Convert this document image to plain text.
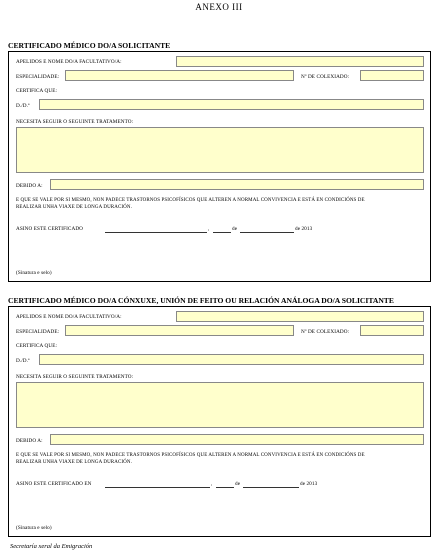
ANEXO III
CERTIFICADO MÉDICO DO/A SOLICITANTE
APELIDOS E NOME DO/A FACULTATIVO/A:
ESPECIALIDADE:	Nº DE COLEXIADO:
CERTIFICA QUE:
D./D.ª
NECESITA SEGUIR O SEGUINTE TRATAMENTO:
DEBIDO A:
E QUE SE VALE POR SI MESMO, NON PADECE TRASTORNOS PSICOFÍSICOS QUE ALTEREN A NORMAL CONVIVENCIA E ESTÁ EN CONDICIÓNS DE
REALIZAR UNHA VIAXE DE LONGA DURACIÓN.
ASINO ESTE CERTIFICADO	,	de	de 2013
(Sinatura e selo)
CERTIFICADO MÉDICO DO/A CÓNXUXE, UNIÓN DE FEITO OU RELACIÓN ANÁLOGA DO/A SOLICITANTE
APELIDOS E NOME DO/A FACULTATIVO/A:
ESPECIALIDADE:	Nº DE COLEXIADO:
CERTIFICA QUE:
D./D.ª
NECESITA SEGUIR O SEGUINTE TRATAMENTO:
DEBIDO A:
E QUE SE VALE POR SI MESMO, NON PADECE TRASTORNOS PSICOFÍSICOS QUE ALTEREN A NORMAL CONVIVENCIA E ESTÁ EN CONDICIÓNS DE
REALIZAR UNHA VIAXE DE LONGA DURACIÓN.
ASINO ESTE CERTIFICADO EN	,	de	de 2013
(Sinatura e selo)
Secretaría xeral da Emigración
